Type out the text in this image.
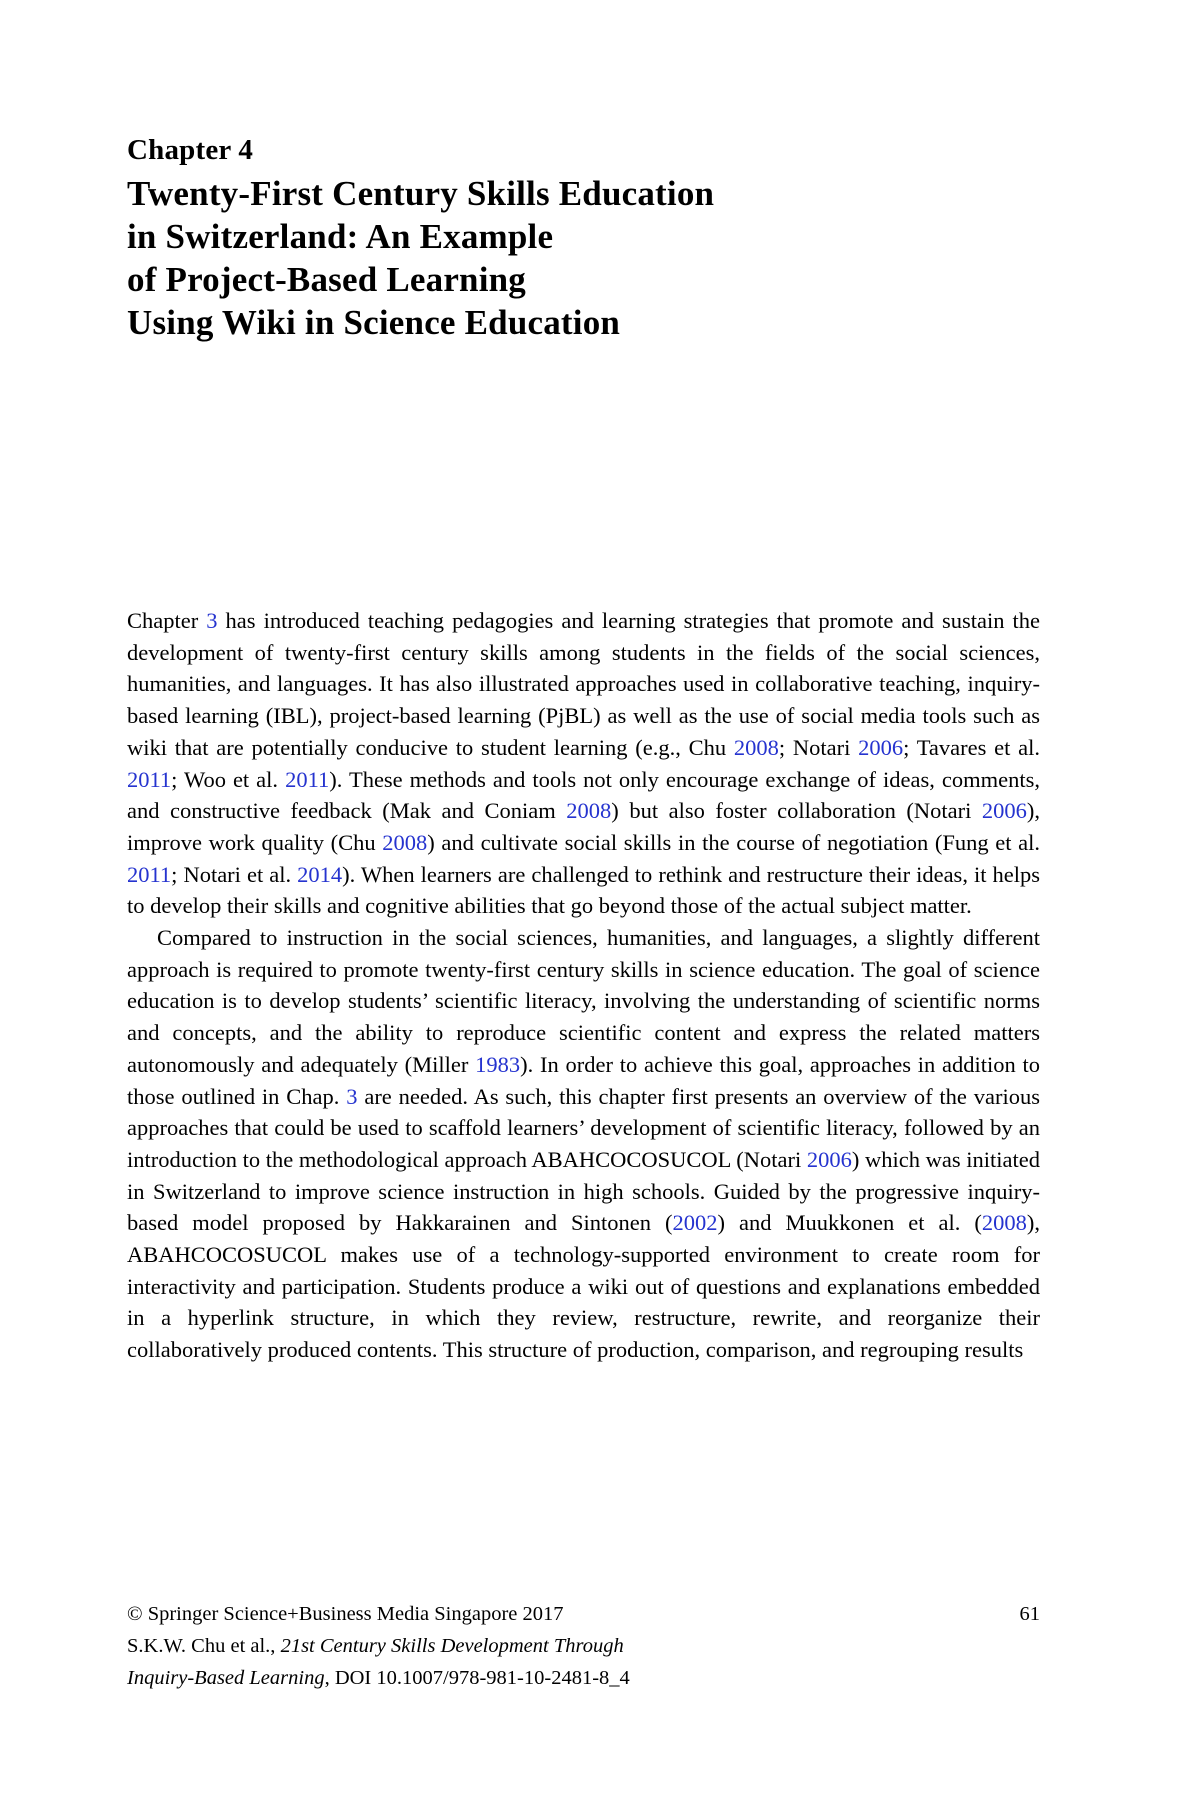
Chapter 4
Twenty-First Century Skills Education
in Switzerland: An Example
of Project-Based Learning
Using Wiki in Science Education

Chapter 3 has introduced teaching pedagogies and learning strategies that promote and sustain the development of twenty-first century skills among students in the fields of the social sciences, humanities, and languages. It has also illustrated approaches used in collaborative teaching, inquiry-based learning (IBL), project-based learning (PjBL) as well as the use of social media tools such as wiki that are potentially conducive to student learning (e.g., Chu 2008; Notari 2006; Tavares et al. 2011; Woo et al. 2011). These methods and tools not only encourage exchange of ideas, comments, and constructive feedback (Mak and Coniam 2008) but also foster collaboration (Notari 2006), improve work quality (Chu 2008) and cultivate social skills in the course of negotiation (Fung et al. 2011; Notari et al. 2014). When learners are challenged to rethink and restructure their ideas, it helps to develop their skills and cognitive abilities that go beyond those of the actual subject matter.

Compared to instruction in the social sciences, humanities, and languages, a slightly different approach is required to promote twenty-first century skills in science education. The goal of science education is to develop students’ scientific literacy, involving the understanding of scientific norms and concepts, and the ability to reproduce scientific content and express the related matters autonomously and adequately (Miller 1983). In order to achieve this goal, approaches in addition to those outlined in Chap. 3 are needed. As such, this chapter first presents an overview of the various approaches that could be used to scaffold learners’ development of scientific literacy, followed by an introduction to the methodological approach ABAHCOCOSUCOL (Notari 2006) which was initiated in Switzerland to improve science instruction in high schools. Guided by the progressive inquiry-based model proposed by Hakkarainen and Sintonen (2002) and Muukkonen et al. (2008), ABAHCOCOSUCOL makes use of a technology-supported environment to create room for interactivity and participation. Students produce a wiki out of questions and explanations embedded in a hyperlink structure, in which they review, restructure, rewrite, and reorganize their collaboratively produced contents. This structure of production, comparison, and regrouping results

61
© Springer Science+Business Media Singapore 2017
S.K.W. Chu et al., 21st Century Skills Development Through
Inquiry-Based Learning, DOI 10.1007/978-981-10-2481-8_4
